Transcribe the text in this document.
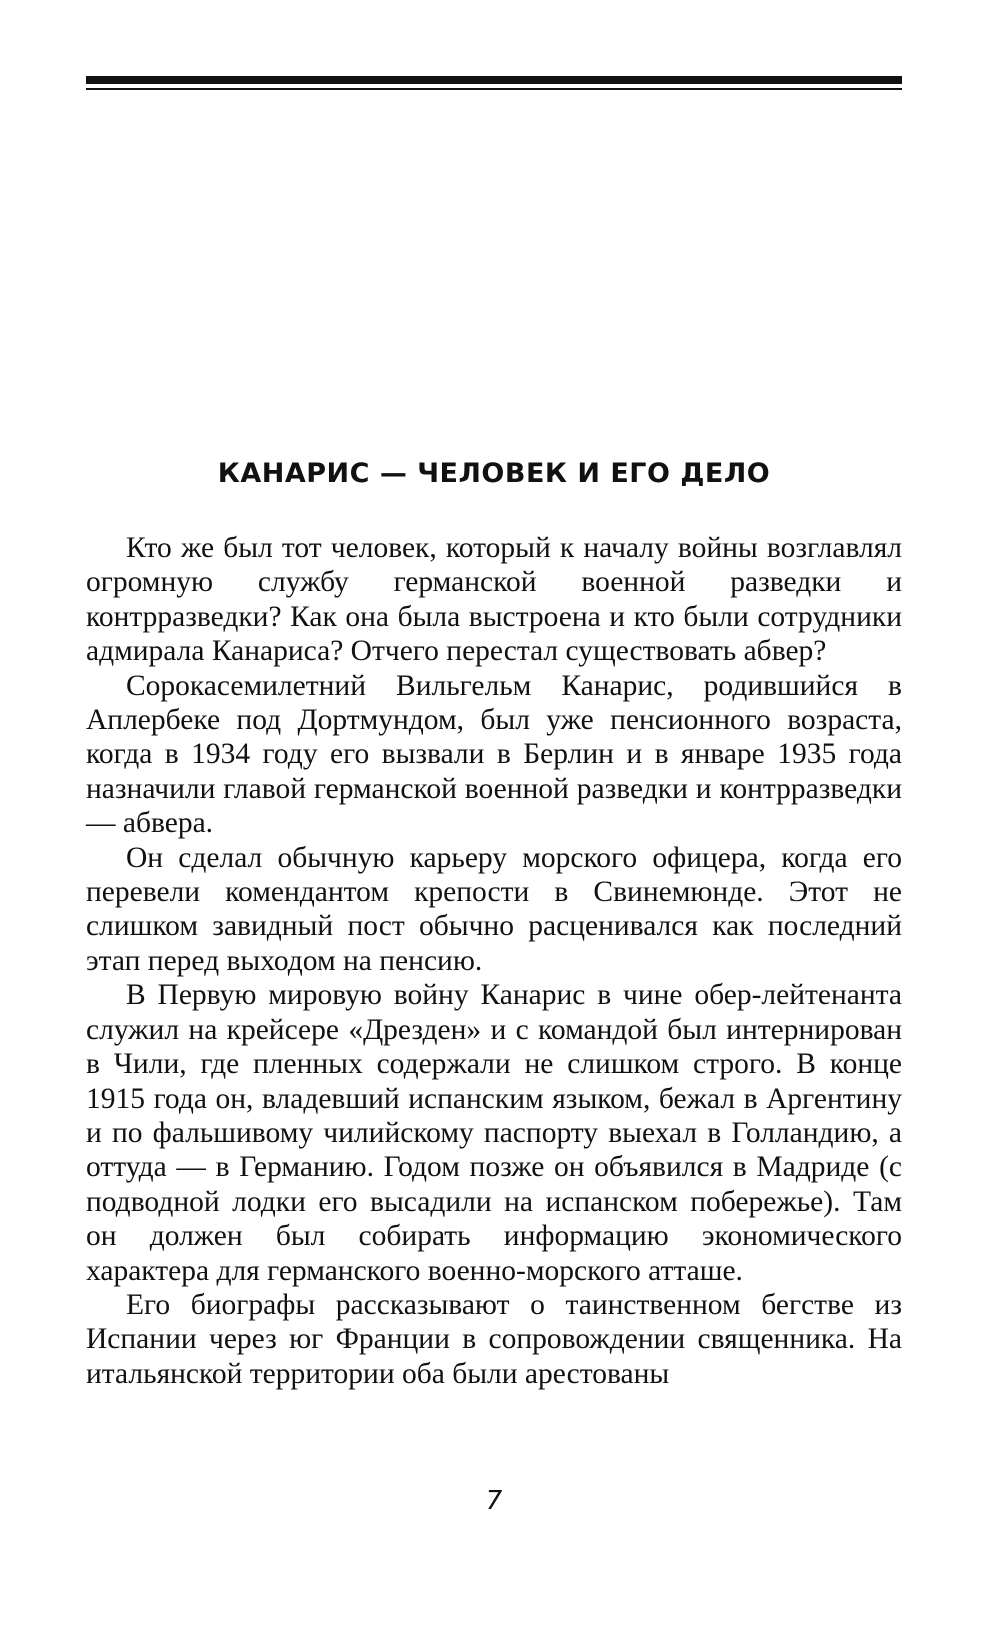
КАНАРИС — ЧЕЛОВЕК И ЕГО ДЕЛО

Кто же был тот человек, который к началу войны возглавлял огромную службу германской военной разведки и контрразведки? Как она была выстроена и кто были сотрудники адмирала Канариса? Отчего перестал существовать абвер?

Сорокасемилетний Вильгельм Канарис, родившийся в Аплербеке под Дортмундом, был уже пенсионного возраста, когда в 1934 году его вызвали в Берлин и в январе 1935 года назначили главой германской военной разведки и контрразведки — абвера.

Он сделал обычную карьеру морского офицера, когда его перевели комендантом крепости в Свинемюнде. Этот не слишком завидный пост обычно расценивался как последний этап перед выходом на пенсию.

В Первую мировую войну Канарис в чине обер-лейтенанта служил на крейсере «Дрезден» и с командой был интернирован в Чили, где пленных содержали не слишком строго. В конце 1915 года он, владевший испанским языком, бежал в Аргентину и по фальшивому чилийскому паспорту выехал в Голландию, а оттуда — в Германию. Годом позже он объявился в Мадриде (с подводной лодки его высадили на испанском побережье). Там он должен был собирать информацию экономического характера для германского военно-морского атташе.

Его биографы рассказывают о таинственном бегстве из Испании через юг Франции в сопровождении священника. На итальянской территории оба были арестованы

7
